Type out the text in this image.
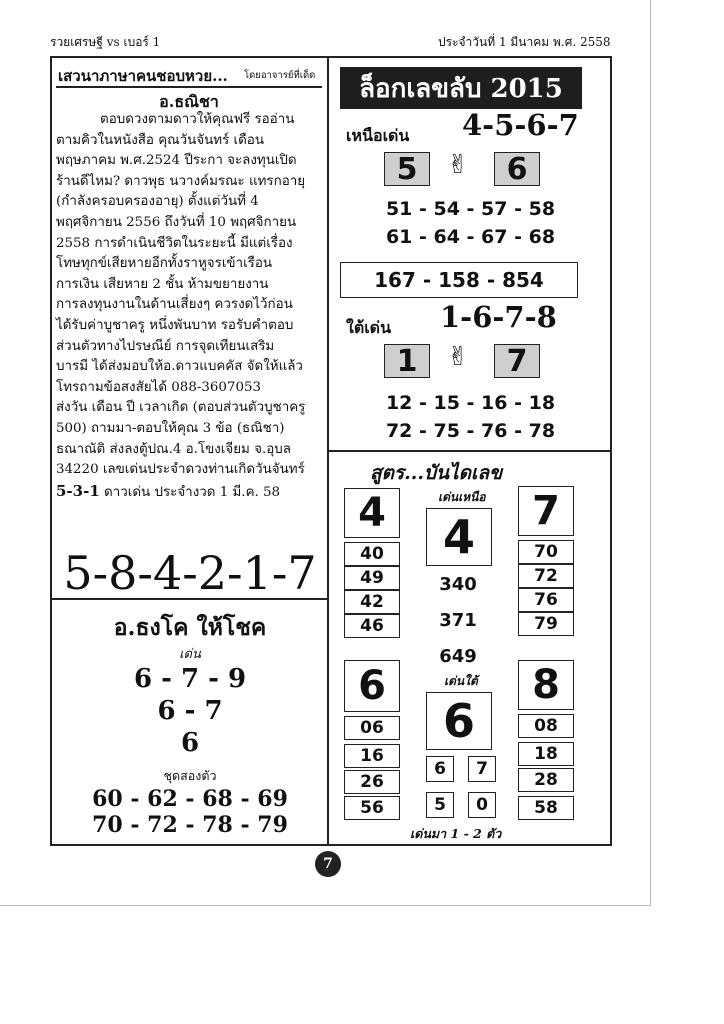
รวยเศรษฐี vs เบอร์ 1	ประจำวันที่ 1 มีนาคม พ.ศ. 2558
เสวนาภาษาคนชอบหวย... โดยอาจารย์ที่เด็ด
อ.ธณิชา
ตอบดวงตามดาวให้คุณฟรี รออ่าน
ตามคิวในหนังสือ คุณวันจันทร์ เดือน
พฤษภาคม พ.ศ.2524 ปีระกา จะลงทุนเปิด
ร้านดีไหม? ดาวพุธ นวางค์มรณะ แทรกอายุ
(กำลังครอบครองอายุ) ตั้งแต่วันที่ 4
พฤศจิกายน 2556 ถึงวันที่ 10 พฤศจิกายน
2558 การดำเนินชีวิตในระยะนี้ มีแต่เรื่อง
โทษทุกข์เสียหายอีกทั้งราหูจรเข้าเรือน
การเงิน เสียหาย 2 ชั้น ห้ามขยายงาน
การลงทุนงานในด้านเสี่ยงๆ ควรงดไว้ก่อน
ได้รับค่าบูชาครู หนึ่งพันบาท รอรับคำตอบ
ส่วนตัวทางไปรษณีย์ การจุดเทียนเสริม
บารมี ได้ส่งมอบให้อ.ดาวแบคคัส จัดให้แล้ว
โทรถามข้อสงสัยได้ 088-3607053
ส่งวัน เดือน ปี เวลาเกิด (ตอบส่วนตัวบูชาครู
500) ถามมา-ตอบให้คุณ 3 ข้อ (ธณิชา)
ธณาณัติ ส่งลงตู้ปณ.4 อ.โขงเจียม จ.อุบล
34220 เลขเด่นประจำดวงท่านเกิดวันจันทร์
5-3-1 ดาวเด่น ประจำงวด 1 มี.ค. 58
5-8-4-2-1-7
อ.ธงโค ให้โชค
เด่น
6 - 7 - 9
6 - 7
6
ชุดสองตัว
60 - 62 - 68 - 69
70 - 72 - 78 - 79
ล็อกเลขลับ 2015
เหนือเด่น 4-5-6-7
5	✌	6
51 - 54 - 57 - 58
61 - 64 - 67 - 68
167 - 158 - 854
ใต้เด่น 1-6-7-8
1	✌	7
12 - 15 - 16 - 18
72 - 75 - 76 - 78
สูตร...บันไดเลข
เด่นเหนือ
4
40
49
42
46
4
340
371
649
7
70
72
76
79
6
06
16
26
56
เด่นใต้
6
6	7
5	0
8
08
18
28
58
เด่นมา 1 - 2 ตัว
7
